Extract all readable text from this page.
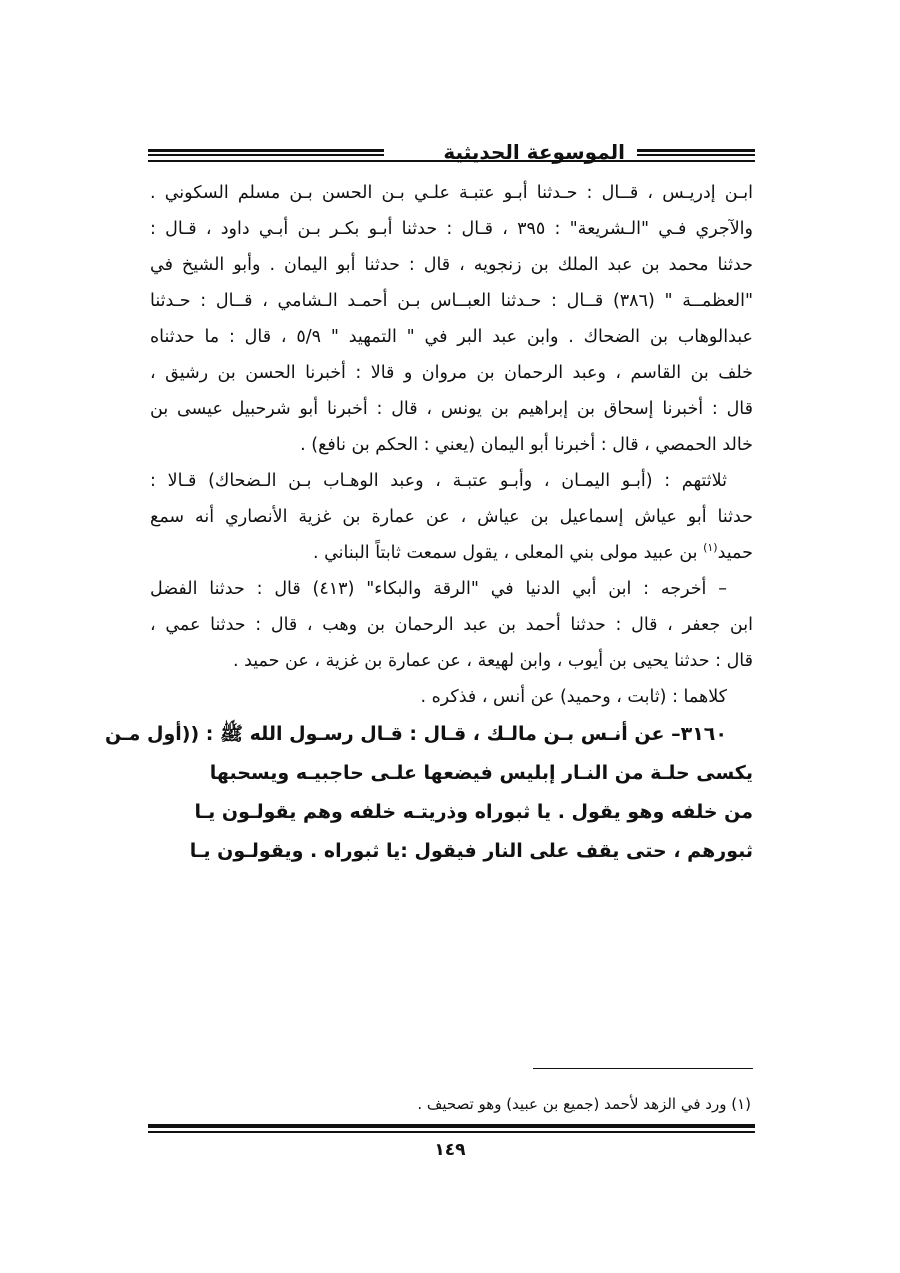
الموسوعة الحديثية
ابـن إدريـس ، قــال : حـدثنا أبـو عتبـة علـي بـن الحسن بـن مسلم السكوني .
والآجري فـي "الـشريعة" : ٣٩٥ ، قـال : حدثنا أبـو بكـر بـن أبـي داود ، قـال :
حدثنا محمد بن عبد الملك بن زنجويه ، قال : حدثنا أبو اليمان . وأبو الشيخ في
"العظمــة " (٣٨٦) قــال : حـدثنا العبــاس بـن أحمـد الـشامي ، قــال : حـدثنا
عبدالوهاب بن الضحاك . وابن عبد البر في " التمهيد " ٥/٩ ، قال : ما حدثناه
خلف بن القاسم ، وعبد الرحمان بن مروان و قالا : أخبرنا الحسن بن رشيق ،
قال : أخبرنا إسحاق بن إبراهيم بن يونس ، قال : أخبرنا أبو شرحبيل عيسى بن
خالد الحمصي ، قال : أخبرنا أبو اليمان (يعني : الحكم بن نافع) .
ثلاثتهم : (أبـو اليمـان ، وأبـو عتبـة ، وعبد الوهـاب بـن الـضحاك) قـالا :
حدثنا أبو عياش إسماعيل بن عياش ، عن عمارة بن غزية الأنصاري أنه سمع
حميد$^{(١)}$ بن عبيد مولى بني المعلى ، يقول سمعت ثابتاً البناني .
– أخرجه : ابن أبي الدنيا في "الرقة والبكاء" (٤١٣) قال : حدثنا الفضل
ابن جعفر ، قال : حدثنا أحمد بن عبد الرحمان بن وهب ، قال : حدثنا عمي ،
قال : حدثنا يحيى بن أيوب ، وابن لهيعة ، عن عمارة بن غزية ، عن حميد .
كلاهما : (ثابت ، وحميد) عن أنس ، فذكره .
٣١٦٠– عن أنـس بـن مالـك ، قـال : قـال رسـول الله ﷺ : ((أول مـن
يكسى حلـة من النـار إبليس فيضعها علـى حاجبيـه ويسحبها
من خلفه وهو يقول . يا ثبوراه وذريتـه خلفه وهم يقولـون يـا
ثبورهم ، حتى يقف على النار فيقول :يا ثبوراه . ويقولـون يـا
(١) ورد في الزهد لأحمد (جميع بن عبيد) وهو تصحيف .
١٤٩
